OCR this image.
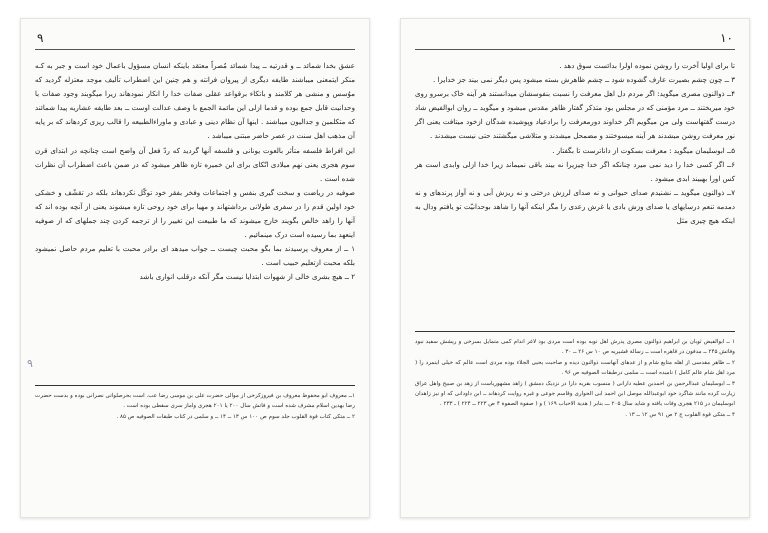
۹
۹

عشق بخدا شمائد ــ و قدرتیه ــ پیدا شمائد مُصراً معتقد باینکه انسان مسؤول باعمال خود است و جبر به کـه منکر ایتمعنی میباشند طایفه دیگری از پیروان فرانته و هم چنین این اضطراب تألیف موجد معتزله گردید که موُسس و منشی هر کلامند و باتکاء برقواعد عقلی صفات خدا را انکار نمودهاند زیرا میگوبند وجود صفات با وحدانیت قابل جمع بوده و قدما ازلی این مائمة الجمع با وصف عدالت اوست ــ بعد طایفه عشاریه پیدا شمائند که متکلمین و جدالیون میباشند . اینها آن نظام دینی و عبادی و ماوراءالطبیعه را قالب ریزی کردهاند که بر پایه آن مذهب اهل سنت در عصر حاضر مبتنی میباشد .

این افراط فلسفه متأثر بالعوت یونانی و فلسفه آنها گردید که ردّ فعل آن واضح است چنانچه در ابتدای قرن سوم هجری یعنی نهم میلادی اتّکای برای این خمیره تازه ظاهر میشود که در ضمن باعث اضطراب آن نظرات شده است .

صوفیه در ریاضت و سخت گیری بنفس و اجتماعات وفخر بفقر خود توکّل نکردهاند بلکه در تقشّف و خشکی خود اولین قدم را در سفری طولانی برداشتهاند و مهیا برای خود روحی تازه میشوند یعنی از آنچه بوده اند که آنها را زاهد خالص بگویند خارج میشوند که ما طبیعت این تغییر را از ترجمه کردن چند جملهای که از صوفیه اینعهد بما رسیده است درک مینمائیم .

۱ ــ از معروف پرسیدند بما بگو محبت چیست ــ جواب میدهد ای برادر محبت با تعلیم مردم حاصل نمیشود بلکه محبت ازتعلیم حبیب است .

۲ ــ هیچ بشری خالی از شهوات ابتدایا نیست مگر آنکه درقلب انواری باشد

۱ــ معروف ابو محفوظ معروف بن فیروزکرخی از موالی حضرت علی بن موسی رضا عب. است بحرصلواتی نصرانی بوده و بدست حضرت رضا بهدین اسلام مشرف شده است و فاتش سال ۲۰۰ یا ۲۰۱ هجری واماز سری سقطی بوده است .

۲ ــ متکی کتاب قوة القلوب جلد سوم ص ۱۰۰ س ۱۳ ــ ۱۴ ــ و سلمی در کتاب طبقات الصوفیه ص ۸۵ .

۱۰

تا برای اولیا آخرت را روشن نموده اولرا بدائست سوق دهد .

۳ ــ چون چشم بصیرت عارف گشوده شود ــ چشم ظاهرش بسته میشود پس دیگر نمی بیند جز خدایرا .

۴ــ ذوالنون مصری میگوید: اگر مردم دل اهل معرفت را نسبت بنفوسشان میدانستند هر آینه خاک برسرو روی خود میریختند ــ مرد مؤمنی که در مجلس بود متذکر گفتار ظاهر مقدس میشود و میگوید ــ روان ابوالفیض شاد درست گفتهاست ولی من میگویم اگر خداوند دورمعرفت را برادعیاد وپوشیده شدگان ازخود میتافت یعنی اگر نور معرفت روشن میشدند هر آینه میسوختند و مضمحل میشدند و متلاشی میگشتند حتی نیست میشدند .

۵ــ ابوسلیمان میگوید : معرفت بسکوت از داناترست تا بگفتار .

۶ــ اگر کسی خدا را دید نمی میرد چنانکه اگر خدا چیزیرا نه بیند باقی نمیماند زیرا خدا ازلی وابدی است هر کس اورا بهبیند ابدی میشود .

۷ــ ذوالنون میگوید ــ نشنیدم صدای حیوانی و نه صدای لرزش درختی و نه ریزش آبی و نه آواز پرندهای و نه دمدمه تنعم درسایهای یا صدای وزش بادی یا غرش رعدی را مگر اینکه آنها را شاهد بوحدانیّت تو یافتم ودال به اینکه هیچ چیزی مثل

۱ ــ ابوالفیض ثوبان بن ابراهیم ذوالنون مصری پدرش اهل نوبه بوده است مردی بود لاغر اندام کمی متمایل بسرخی و ریشش سفید نبود وفاتش ۲۴۵ ــ مدفون در قاهره است ــ رسالة قشیریه ص ۱۰ س ۲۶ ــ ۳۰ .

۲ ــ ظاهر مقدسی از اهله متایع شام و از عدهای آنهاست ذوالنون دیده و صاحبت یحیی الجلاء بوده مردی است عالم که خیلی اینمرد را ( مرد اهل شام عالم کامل ) نامیده است ــ سلمی درطبقات الصوفیه ص ۹۶ .

۳ ــ ابوسلیمان عبدالرحمن بن احمدبن عطیه دارانی ( منسوب بقریه دارا در نزدیک دمشق ) زاهد مشهوریاست از زهد بن صبیح واهل عراق زیارت کرده مانند شاگرد خود ابوعبدالله موصل ابن احمد ابی الحواری وقاسم جوعی و غیره روایت کردهاند ــ ابن داودانی که او نیز زاهدان ابوسلیمان در ۲۱۵ هجری وفات یافته و شاید سال ۲۰۵ ـــ بنابر ( هدیة الاحباب ۱۶۹ ) و ( صفوة الصفوة ۴ ص ۲۲۳ ــ ۲۲۴ ) ـ ۲۳۳ .

۴ ــ متکی قوة القلوب ج ۲ ص ۹۱ س ۱۲ ــ ۱۳ .
